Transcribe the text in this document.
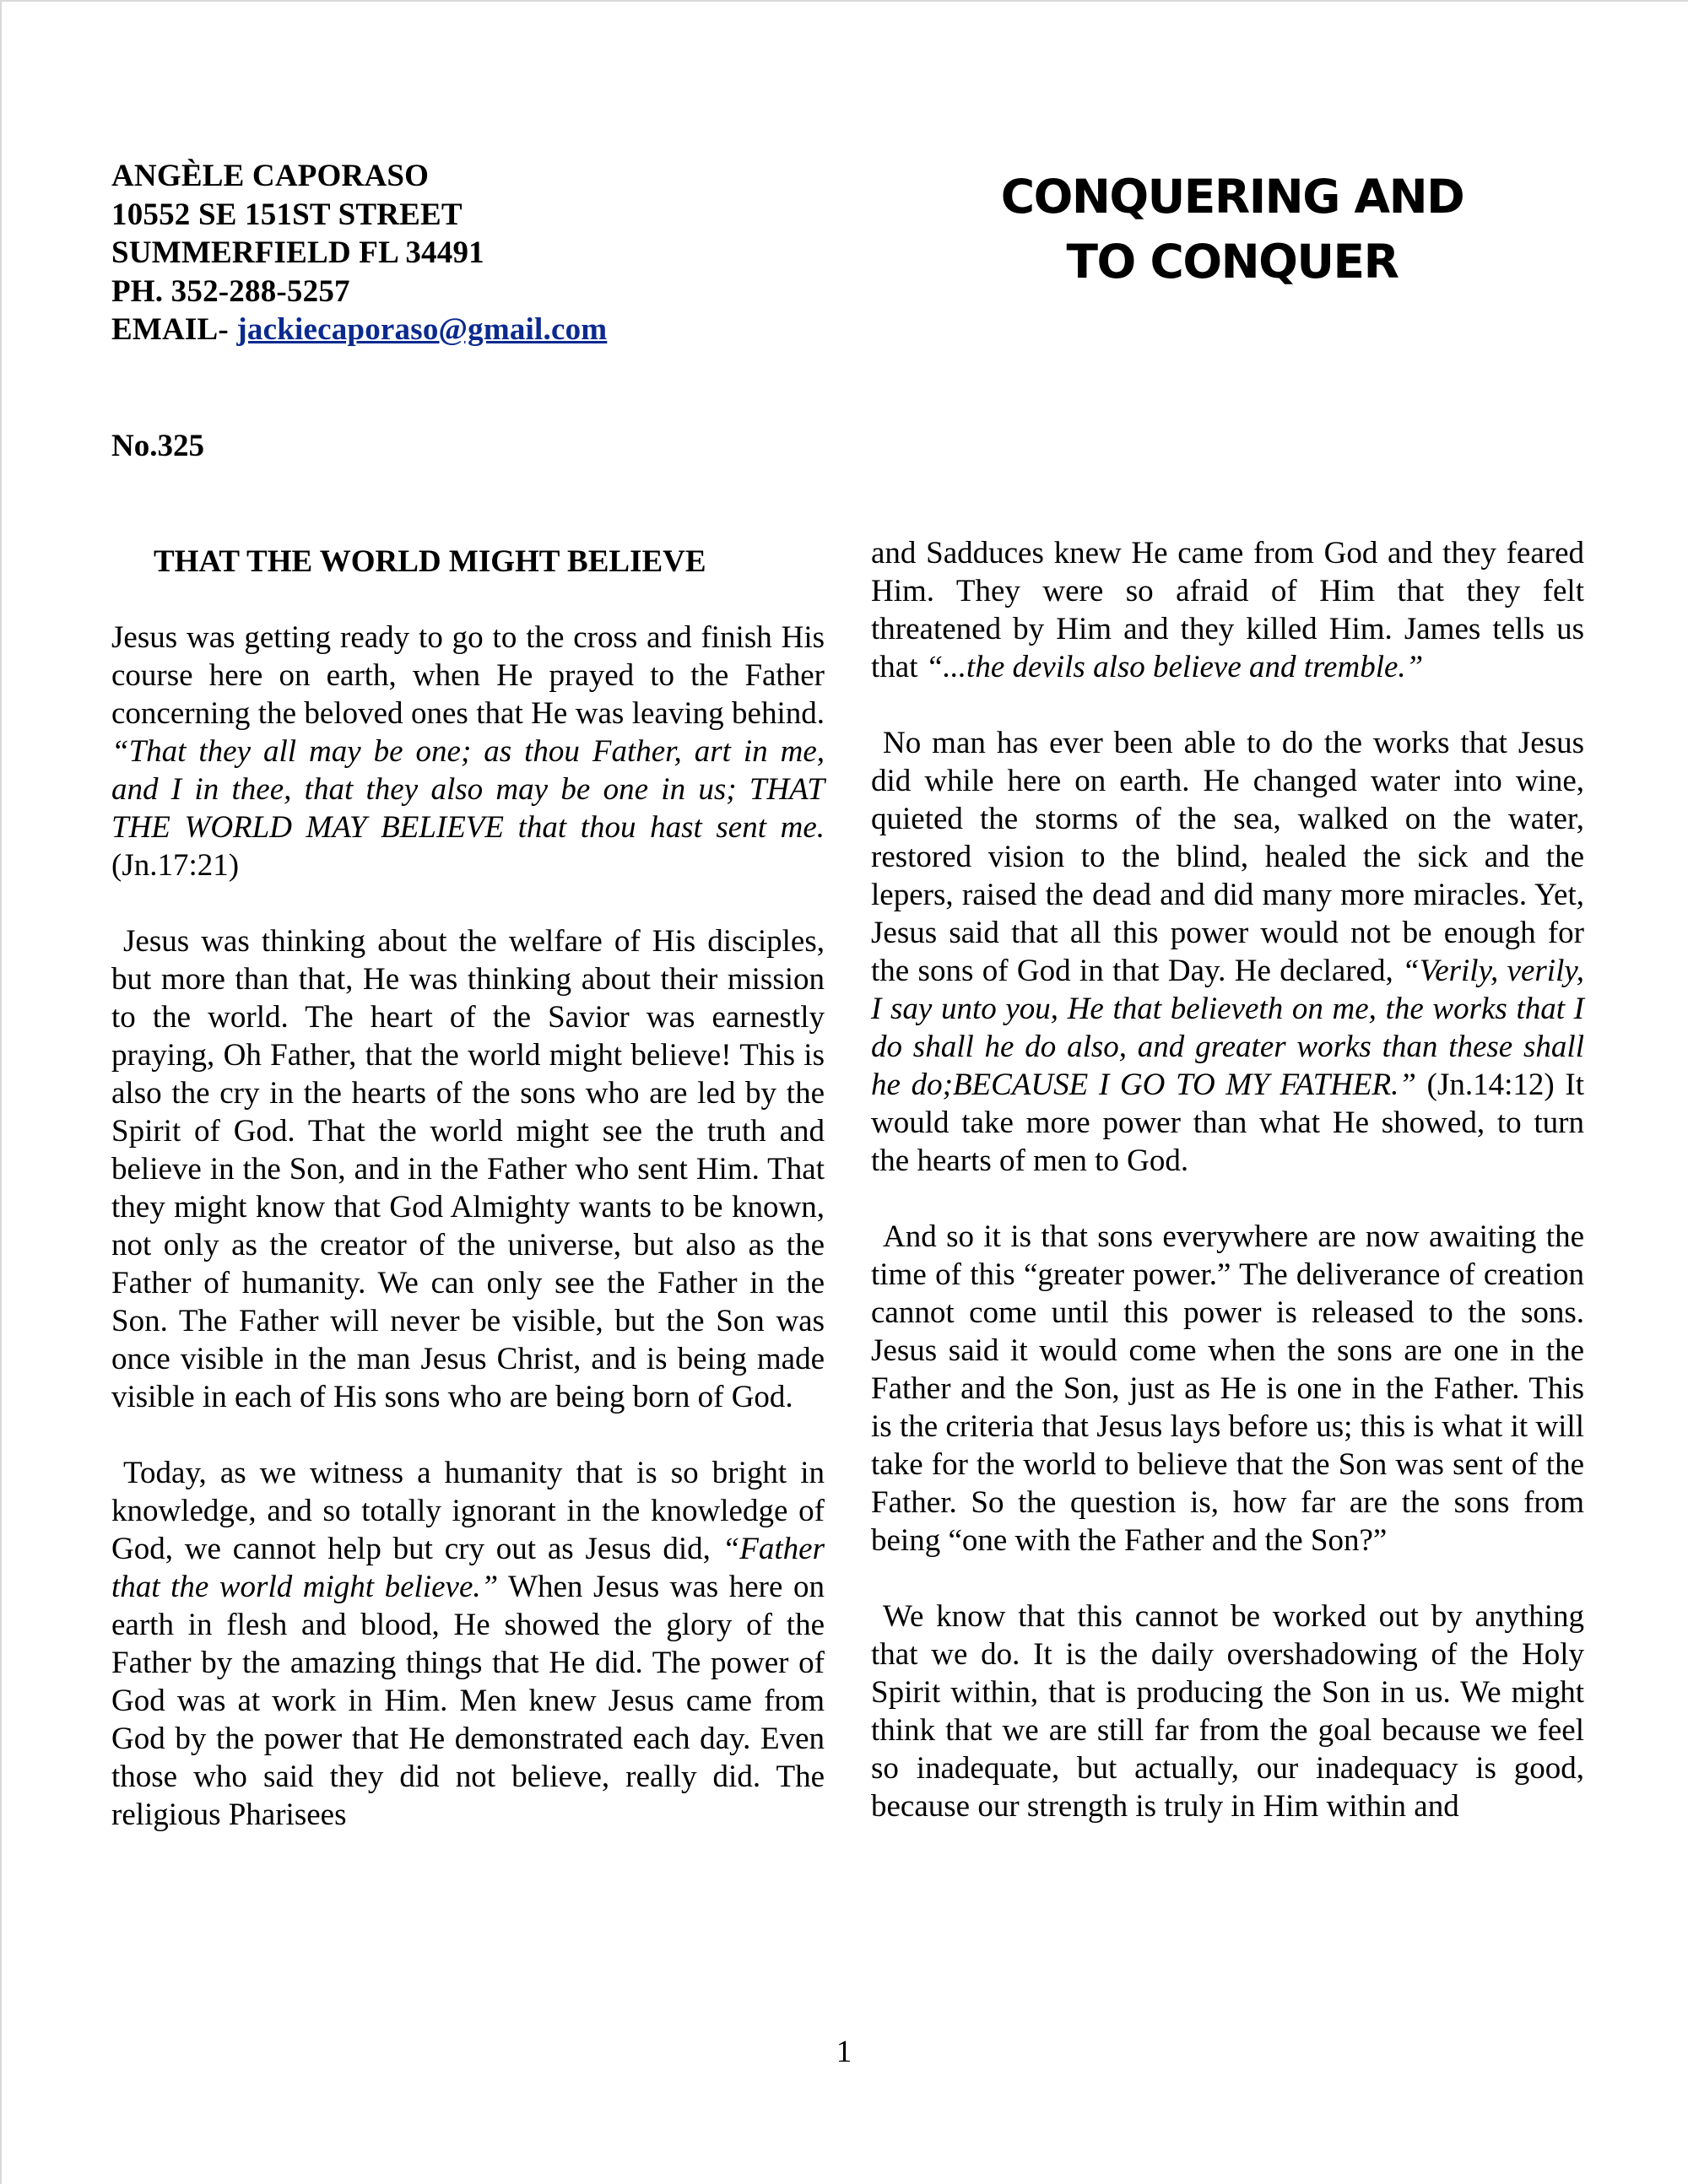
ANGÈLE CAPORASO
10552 SE 151ST STREET
SUMMERFIELD FL 34491
PH. 352-288-5257
EMAIL- jackiecaporaso@gmail.com
CONQUERING AND
TO CONQUER
No.325
THAT THE WORLD MIGHT BELIEVE

Jesus was getting ready to go to the cross and finish His course here on earth, when He prayed to the Father concerning the beloved ones that He was leaving behind. “That they all may be one; as thou Father, art in me, and I in thee, that they also may be one in us; THAT THE WORLD MAY BELIEVE that thou hast sent me. (Jn.17:21)

Jesus was thinking about the welfare of His disciples, but more than that, He was thinking about their mission to the world. The heart of the Savior was earnestly praying, Oh Father, that the world might believe! This is also the cry in the hearts of the sons who are led by the Spirit of God. That the world might see the truth and believe in the Son, and in the Father who sent Him. That they might know that God Almighty wants to be known, not only as the creator of the universe, but also as the Father of humanity. We can only see the Father in the Son. The Father will never be visible, but the Son was once visible in the man Jesus Christ, and is being made visible in each of His sons who are being born of God.

Today, as we witness a humanity that is so bright in knowledge, and so totally ignorant in the knowledge of God, we cannot help but cry out as Jesus did, “Father that the world might believe.” When Jesus was here on earth in flesh and blood, He showed the glory of the Father by the amazing things that He did. The power of God was at work in Him. Men knew Jesus came from God by the power that He demonstrated each day. Even those who said they did not believe, really did. The religious Pharisees

and Sadduces knew He came from God and they feared Him. They were so afraid of Him that they felt threatened by Him and they killed Him. James tells us that “...the devils also believe and tremble.”

No man has ever been able to do the works that Jesus did while here on earth. He changed water into wine, quieted the storms of the sea, walked on the water, restored vision to the blind, healed the sick and the lepers, raised the dead and did many more miracles. Yet, Jesus said that all this power would not be enough for the sons of God in that Day. He declared, “Verily, verily, I say unto you, He that believeth on me, the works that I do shall he do also, and greater works than these shall he do;BECAUSE I GO TO MY FATHER.” (Jn.14:12) It would take more power than what He showed, to turn the hearts of men to God.

And so it is that sons everywhere are now awaiting the time of this “greater power.” The deliverance of creation cannot come until this power is released to the sons. Jesus said it would come when the sons are one in the Father and the Son, just as He is one in the Father. This is the criteria that Jesus lays before us; this is what it will take for the world to believe that the Son was sent of the Father. So the question is, how far are the sons from being “one with the Father and the Son?”

We know that this cannot be worked out by anything that we do. It is the daily overshadowing of the Holy Spirit within, that is producing the Son in us. We might think that we are still far from the goal because we feel so inadequate, but actually, our inadequacy is good, because our strength is truly in Him within and

1
